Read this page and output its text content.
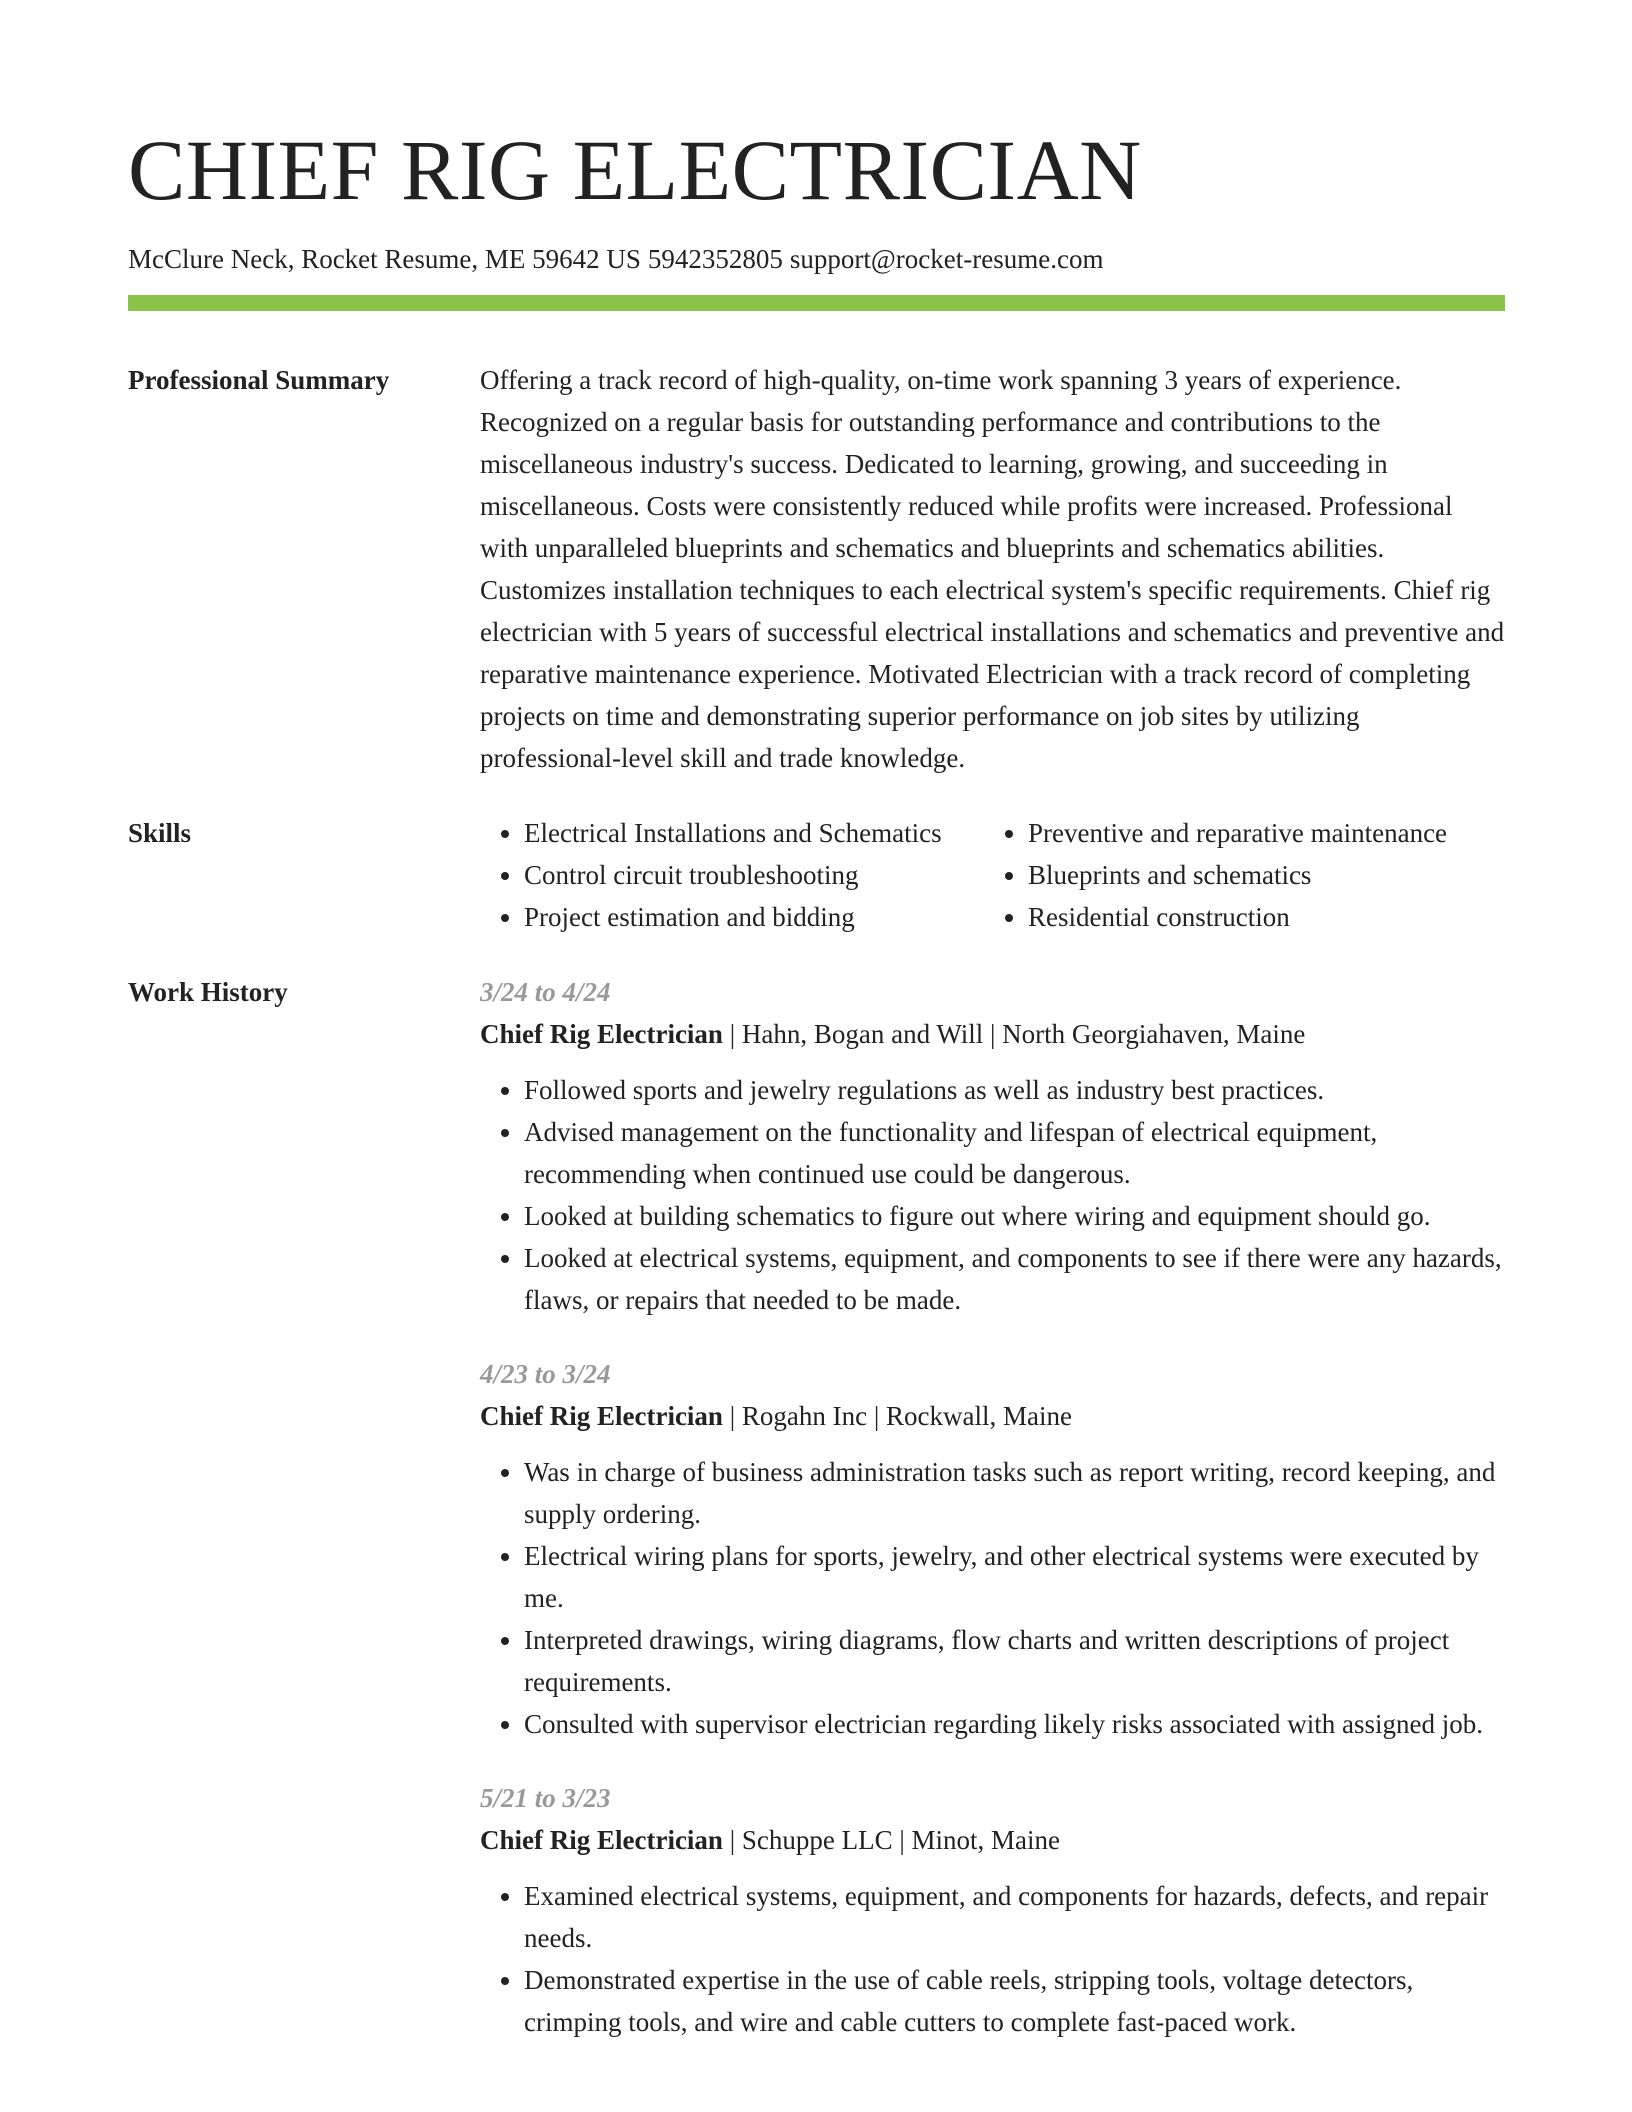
CHIEF RIG ELECTRICIAN
McClure Neck, Rocket Resume, ME 59642 US 5942352805 support@rocket-resume.com
Professional Summary	Offering a track record of high-quality, on-time work spanning 3 years of experience. Recognized on a regular basis for outstanding performance and contributions to the miscellaneous industry's success. Dedicated to learning, growing, and succeeding in miscellaneous. Costs were consistently reduced while profits were increased. Professional with unparalleled blueprints and schematics and blueprints and schematics abilities. Customizes installation techniques to each electrical system's specific requirements. Chief rig electrician with 5 years of successful electrical installations and schematics and preventive and reparative maintenance experience. Motivated Electrician with a track record of completing projects on time and demonstrating superior performance on job sites by utilizing professional-level skill and trade knowledge.

Skills
•	Electrical Installations and Schematics
• Control circuit troubleshooting
• Project estimation and bidding
• Preventive and reparative maintenance
• Blueprints and schematics
• Residential construction
Work History	3/24 to 4/24
Chief Rig Electrician | Hahn, Bogan and Will | North Georgiahaven, Maine
• Followed sports and jewelry regulations as well as industry best practices.
• Advised management on the functionality and lifespan of electrical equipment, recommending when continued use could be dangerous.
• Looked at building schematics to figure out where wiring and equipment should go.
• Looked at electrical systems, equipment, and components to see if there were any hazards, flaws, or repairs that needed to be made.
4/23 to 3/24
Chief Rig Electrician | Rogahn Inc | Rockwall, Maine
• Was in charge of business administration tasks such as report writing, record keeping, and supply ordering.
• Electrical wiring plans for sports, jewelry, and other electrical systems were executed by me.
• Interpreted drawings, wiring diagrams, flow charts and written descriptions of project requirements.
• Consulted with supervisor electrician regarding likely risks associated with assigned job.
5/21 to 3/23
Chief Rig Electrician | Schuppe LLC | Minot, Maine
• Examined electrical systems, equipment, and components for hazards, defects, and repair needs.
• Demonstrated expertise in the use of cable reels, stripping tools, voltage detectors, crimping tools, and wire and cable cutters to complete fast-paced work.
